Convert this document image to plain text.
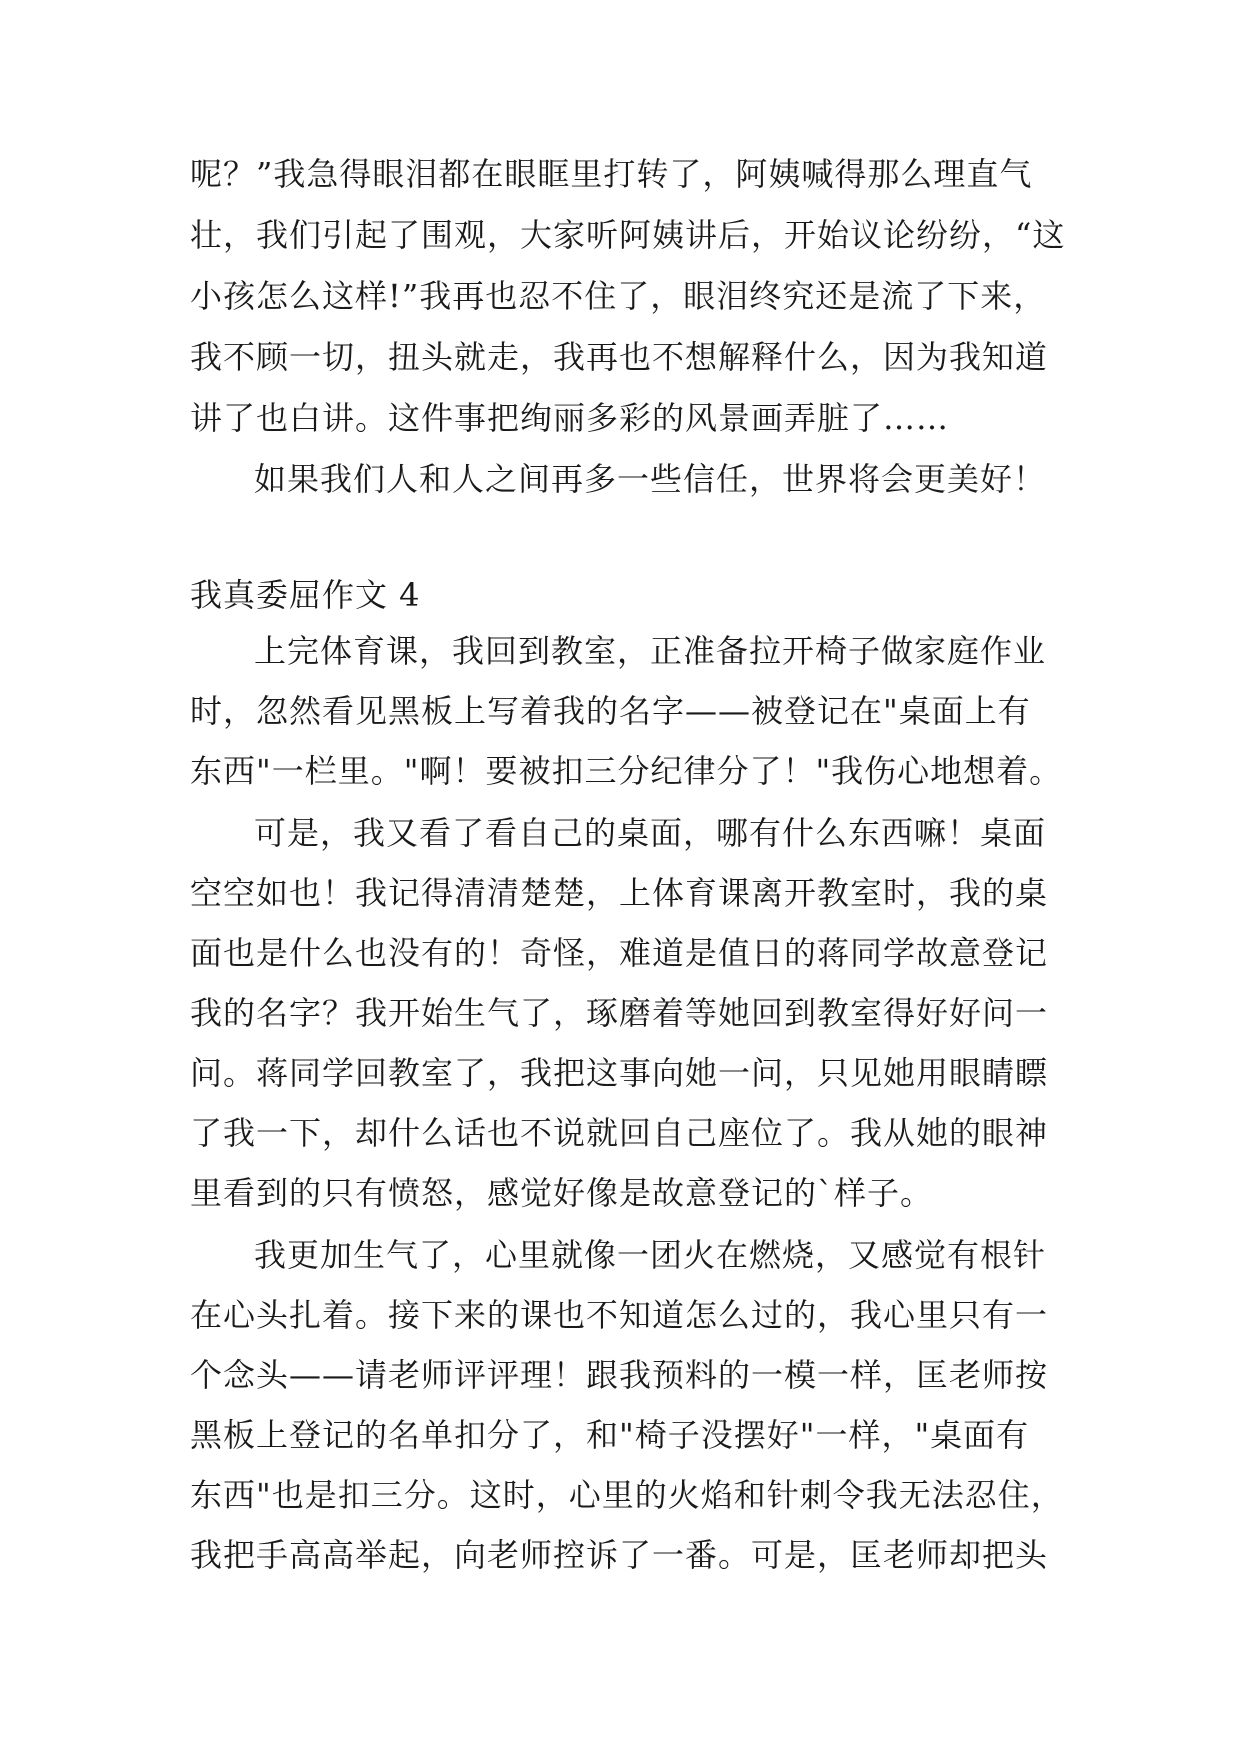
呢？”我急得眼泪都在眼眶里打转了，阿姨喊得那么理直气
壮，我们引起了围观，大家听阿姨讲后，开始议论纷纷，“这
小孩怎么这样!”我再也忍不住了，眼泪终究还是流了下来，
我不顾一切，扭头就走，我再也不想解释什么，因为我知道
讲了也白讲。这件事把绚丽多彩的风景画弄脏了……
如果我们人和人之间再多一些信任，世界将会更美好！
我真委屈作文 4
上完体育课，我回到教室，正准备拉开椅子做家庭作业
时，忽然看见黑板上写着我的名字——被登记在"桌面上有
东西"一栏里。"啊！要被扣三分纪律分了！"我伤心地想着。
可是，我又看了看自己的桌面，哪有什么东西嘛！桌面
空空如也！我记得清清楚楚，上体育课离开教室时，我的桌
面也是什么也没有的！奇怪，难道是值日的蒋同学故意登记
我的名字？我开始生气了，琢磨着等她回到教室得好好问一
问。蒋同学回教室了，我把这事向她一问，只见她用眼睛瞟
了我一下，却什么话也不说就回自己座位了。我从她的眼神
里看到的只有愤怒，感觉好像是故意登记的`样子。
我更加生气了，心里就像一团火在燃烧，又感觉有根针
在心头扎着。接下来的课也不知道怎么过的，我心里只有一
个念头——请老师评评理！跟我预料的一模一样，匡老师按
黑板上登记的名单扣分了，和"椅子没摆好"一样，"桌面有
东西"也是扣三分。这时，心里的火焰和针刺令我无法忍住，
我把手高高举起，向老师控诉了一番。可是，匡老师却把头
